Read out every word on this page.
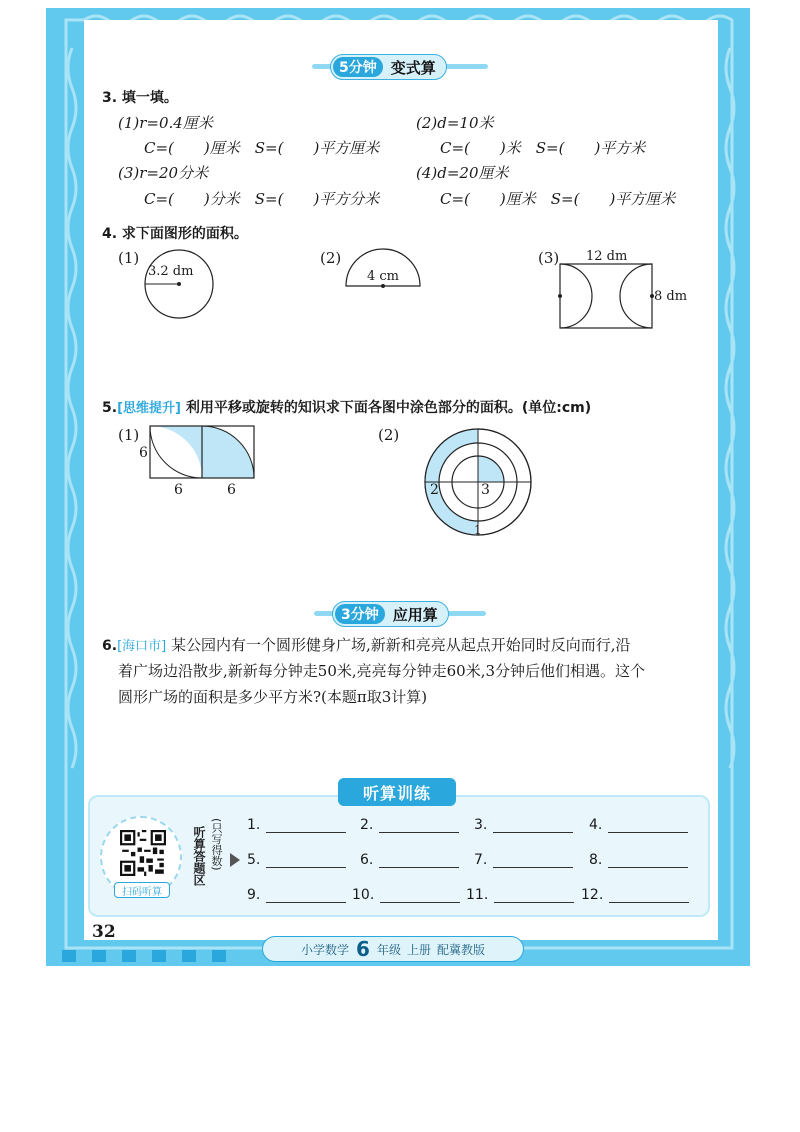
5分钟 变式算
3. 填一填。
(1)r=0.4厘米
C=(　　)厘米　S=(　　)平方厘米
(2)d=10米
C=(　　)米　S=(　　)平方米
(3)r=20分米
C=(　　)分米　S=(　　)平方分米
(4)d=20厘米
C=(　　)厘米　S=(　　)平方厘米
4. 求下面图形的面积。
(1)
3.2 dm
(2)
4 cm
(3) 12 dm
8 dm
5.[思维提升] 利用平移或旋转的知识求下面各图中涂色部分的面积。(单位:cm)
(1)
6
6	6
(2)
2	3
1
3分钟 应用算
6.[海口市] 某公园内有一个圆形健身广场,新新和亮亮从起点开始同时反向而行,沿
着广场边沿散步,新新每分钟走50米,亮亮每分钟走60米,3分钟后他们相遇。这个
圆形广场的面积是多少平方米?(本题π取3计算)
听算训练
扫码听算
听算答题区 (只写得数) 1.	2.	3.	4.
5.	6.	7.	8.
9.	10.	11.	12.
32
小学数学 6 年级 上册 配冀教版
